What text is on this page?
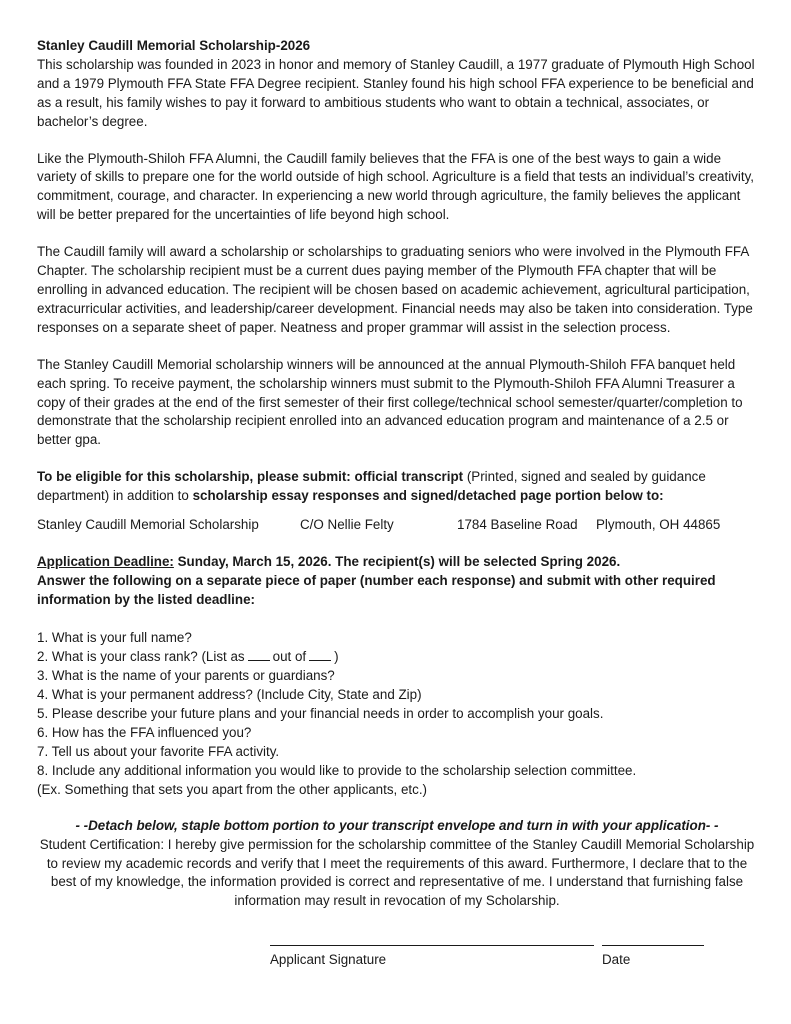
Stanley Caudill Memorial Scholarship-2026

This scholarship was founded in 2023 in honor and memory of Stanley Caudill, a 1977 graduate of Plymouth High School and a 1979 Plymouth FFA State FFA Degree recipient. Stanley found his high school FFA experience to be beneficial and as a result, his family wishes to pay it forward to ambitious students who want to obtain a technical, associates, or bachelor’s degree.

Like the Plymouth-Shiloh FFA Alumni, the Caudill family believes that the FFA is one of the best ways to gain a wide variety of skills to prepare one for the world outside of high school. Agriculture is a field that tests an individual’s creativity, commitment, courage, and character. In experiencing a new world through agriculture, the family believes the applicant will be better prepared for the uncertainties of life beyond high school.

The Caudill family will award a scholarship or scholarships to graduating seniors who were involved in the Plymouth FFA Chapter. The scholarship recipient must be a current dues paying member of the Plymouth FFA chapter that will be enrolling in advanced education. The recipient will be chosen based on academic achievement, agricultural participation, extracurricular activities, and leadership/career development. Financial needs may also be taken into consideration. Type responses on a separate sheet of paper. Neatness and proper grammar will assist in the selection process.

The Stanley Caudill Memorial scholarship winners will be announced at the annual Plymouth-Shiloh FFA banquet held each spring. To receive payment, the scholarship winners must submit to the Plymouth-Shiloh FFA Alumni Treasurer a copy of their grades at the end of the first semester of their first college/technical school semester/quarter/completion to demonstrate that the scholarship recipient enrolled into an advanced education program and maintenance of a 2.5 or better gpa.

To be eligible for this scholarship, please submit: official transcript (Printed, signed and sealed by guidance department) in addition to scholarship essay responses and signed/detached page portion below to:

Stanley Caudill Memorial Scholarship	C/O Nellie Felty	1784 Baseline Road Plymouth, OH 44865

Application Deadline: Sunday, March 15, 2026. The recipient(s) will be selected Spring 2026.

Answer the following on a separate piece of paper (number each response) and submit with other required information by the listed deadline:

1. What is your full name?

2. What is your class rank? (List as out of )

3. What is the name of your parents or guardians?

4. What is your permanent address? (Include City, State and Zip)

5. Please describe your future plans and your financial needs in order to accomplish your goals.

6. How has the FFA influenced you?

7. Tell us about your favorite FFA activity.

8. Include any additional information you would like to provide to the scholarship selection committee.

(Ex. Something that sets you apart from the other applicants, etc.)

- -Detach below, staple bottom portion to your transcript envelope and turn in with your application- -

Student Certification: I hereby give permission for the scholarship committee of the Stanley Caudill Memorial Scholarship to review my academic records and verify that I meet the requirements of this award. Furthermore, I declare that to the best of my knowledge, the information provided is correct and representative of me. I understand that furnishing false information may result in revocation of my Scholarship.

Applicant Signature	Date
